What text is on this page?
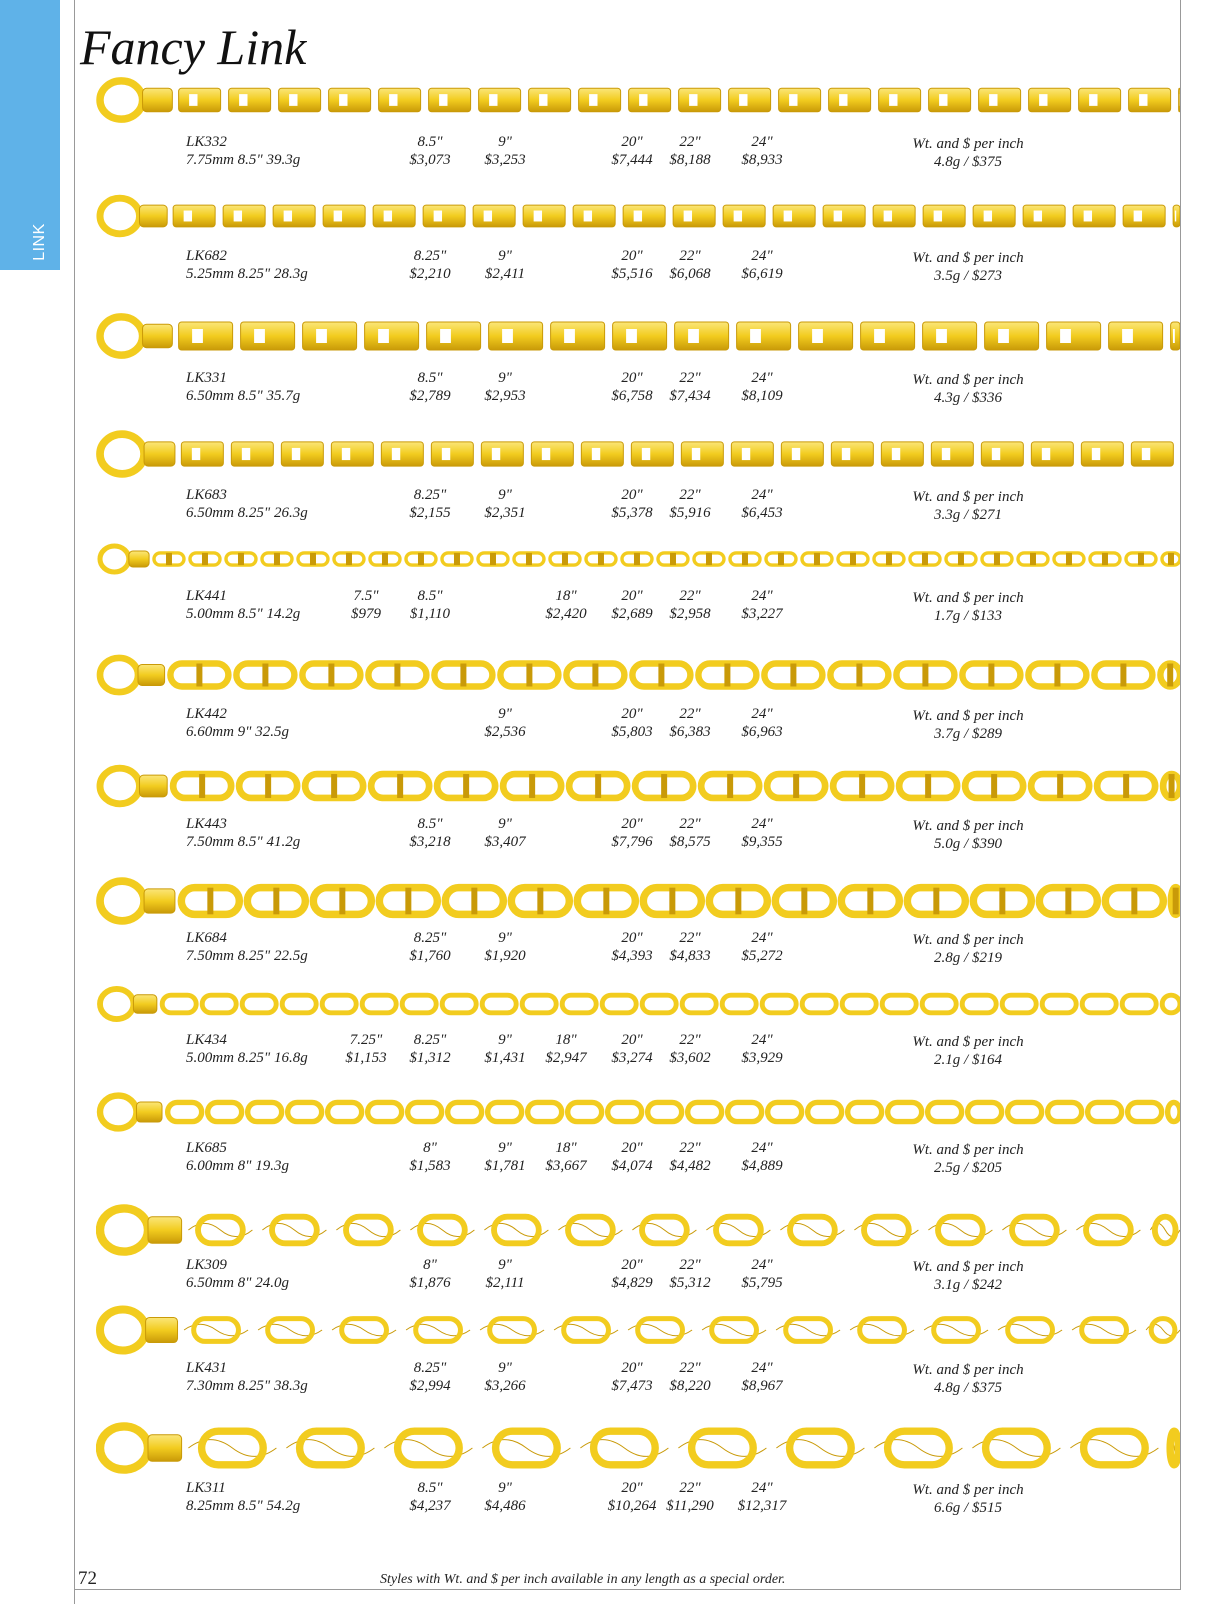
LINK
Fancy Link
LK332
7.75mm 8.5" 39.3g
8.5"
$3,073
9"
$3,253
20"
$7,444
22"
$8,188
24"
$8,933
Wt. and $ per inch
4.8g / $375
LK682
5.25mm 8.25" 28.3g
8.25"
$2,210
9"
$2,411
20"
$5,516
22"
$6,068
24"
$6,619
Wt. and $ per inch
3.5g / $273
LK331
6.50mm 8.5" 35.7g
8.5"
$2,789
9"
$2,953
20"
$6,758
22"
$7,434
24"
$8,109
Wt. and $ per inch
4.3g / $336
LK683
6.50mm 8.25" 26.3g
8.25"
$2,155
9"
$2,351
20"
$5,378
22"
$5,916
24"
$6,453
Wt. and $ per inch
3.3g / $271
LK441
5.00mm 8.5" 14.2g
7.5"
$979
8.5"
$1,110
18"
$2,420
20"
$2,689
22"
$2,958
24"
$3,227
Wt. and $ per inch
1.7g / $133
LK442
6.60mm 9" 32.5g
9"
$2,536
20"
$5,803
22"
$6,383
24"
$6,963
Wt. and $ per inch
3.7g / $289
LK443
7.50mm 8.5" 41.2g
8.5"
$3,218
9"
$3,407
20"
$7,796
22"
$8,575
24"
$9,355
Wt. and $ per inch
5.0g / $390
LK684
7.50mm 8.25" 22.5g
8.25"
$1,760
9"
$1,920
20"
$4,393
22"
$4,833
24"
$5,272
Wt. and $ per inch
2.8g / $219
LK434
5.00mm 8.25" 16.8g
7.25"
$1,153
8.25"
$1,312
9"
$1,431
18"
$2,947
20"
$3,274
22"
$3,602
24"
$3,929
Wt. and $ per inch
2.1g / $164
LK685
6.00mm 8" 19.3g
8"
$1,583
9"
$1,781
18"
$3,667
20"
$4,074
22"
$4,482
24"
$4,889
Wt. and $ per inch
2.5g / $205
LK309
6.50mm 8" 24.0g
8"
$1,876
9"
$2,111
20"
$4,829
22"
$5,312
24"
$5,795
Wt. and $ per inch
3.1g / $242
LK431
7.30mm 8.25" 38.3g
8.25"
$2,994
9"
$3,266
20"
$7,473
22"
$8,220
24"
$8,967
Wt. and $ per inch
4.8g / $375
LK311
8.25mm 8.5" 54.2g
8.5"
$4,237
9"
$4,486
20"
$10,264
22"
$11,290
24"
$12,317
Wt. and $ per inch
6.6g / $515
72	Styles with Wt. and $ per inch available in any length as a special order.
